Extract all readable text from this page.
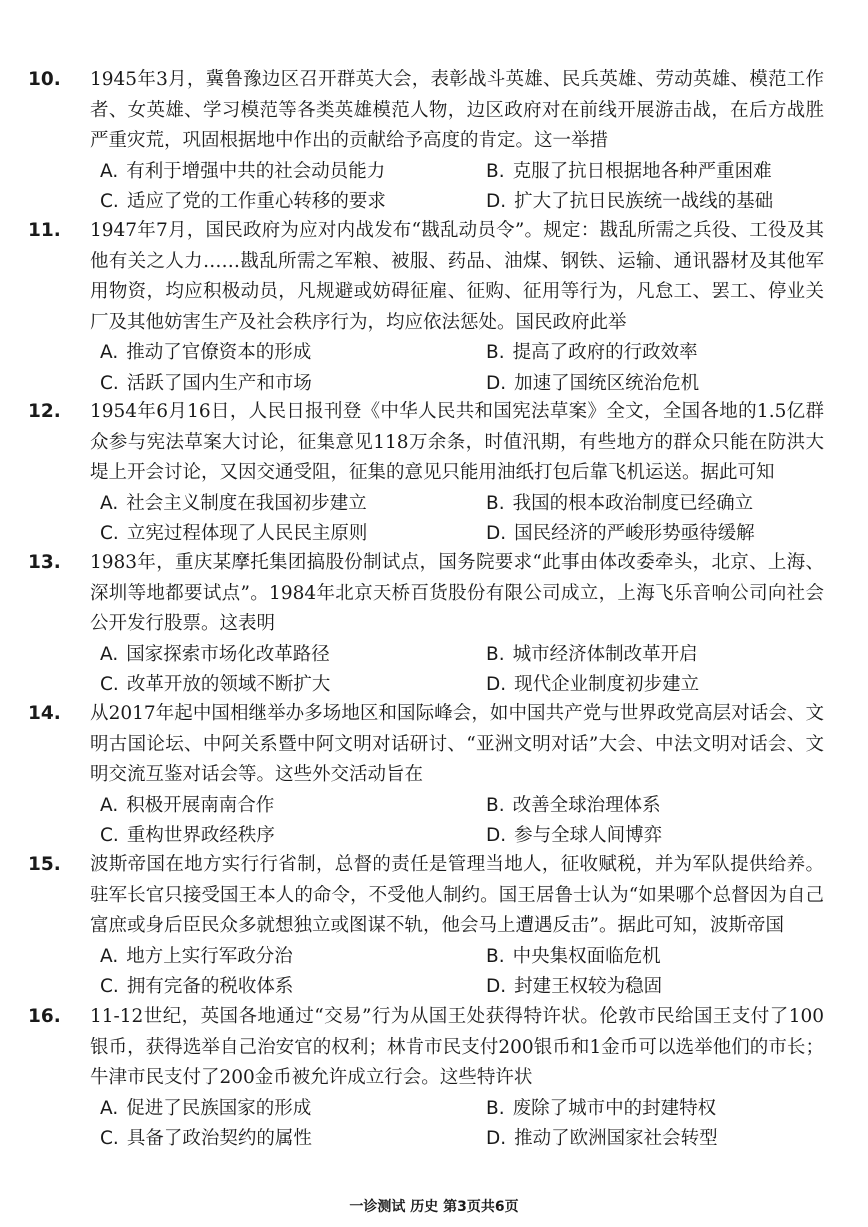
10. 1945年3月，冀鲁豫边区召开群英大会，表彰战斗英雄、民兵英雄、劳动英雄、模范工作者、女英雄、学习模范等各类英雄模范人物，边区政府对在前线开展游击战，在后方战胜严重灾荒，巩固根据地中作出的贡献给予高度的肯定。这一举措
A. 有利于增强中共的社会动员能力	B. 克服了抗日根据地各种严重困难
C. 适应了党的工作重心转移的要求	D. 扩大了抗日民族统一战线的基础
11. 1947年7月，国民政府为应对内战发布“戡乱动员令”。规定：戡乱所需之兵役、工役及其他有关之人力……戡乱所需之军粮、被服、药品、油煤、钢铁、运输、通讯器材及其他军用物资，均应积极动员，凡规避或妨碍征雇、征购、征用等行为，凡怠工、罢工、停业关厂及其他妨害生产及社会秩序行为，均应依法惩处。国民政府此举
A. 推动了官僚资本的形成	B. 提高了政府的行政效率
C. 活跃了国内生产和市场	D. 加速了国统区统治危机
12. 1954年6月16日，人民日报刊登《中华人民共和国宪法草案》全文，全国各地的1.5亿群众参与宪法草案大讨论，征集意见118万余条，时值汛期，有些地方的群众只能在防洪大堤上开会讨论，又因交通受阻，征集的意见只能用油纸打包后靠飞机运送。据此可知
A. 社会主义制度在我国初步建立	B. 我国的根本政治制度已经确立
C. 立宪过程体现了人民民主原则	D. 国民经济的严峻形势亟待缓解
13. 1983年，重庆某摩托集团搞股份制试点，国务院要求“此事由体改委牵头，北京、上海、深圳等地都要试点”。1984年北京天桥百货股份有限公司成立，上海飞乐音响公司向社会公开发行股票。这表明
A. 国家探索市场化改革路径	B. 城市经济体制改革开启
C. 改革开放的领域不断扩大	D. 现代企业制度初步建立
14. 从2017年起中国相继举办多场地区和国际峰会，如中国共产党与世界政党高层对话会、文明古国论坛、中阿关系暨中阿文明对话研讨、“亚洲文明对话”大会、中法文明对话会、文明交流互鉴对话会等。这些外交活动旨在
A. 积极开展南南合作	B. 改善全球治理体系
C. 重构世界政经秩序	D. 参与全球人间博弈
15. 波斯帝国在地方实行行省制，总督的责任是管理当地人，征收赋税，并为军队提供给养。驻军长官只接受国王本人的命令，不受他人制约。国王居鲁士认为“如果哪个总督因为自己富庶或身后臣民众多就想独立或图谋不轨，他会马上遭遇反击”。据此可知，波斯帝国
A. 地方上实行军政分治	B. 中央集权面临危机
C. 拥有完备的税收体系	D. 封建王权较为稳固
16. 11-12世纪，英国各地通过“交易”行为从国王处获得特许状。伦敦市民给国王支付了100银币，获得选举自己治安官的权利；林肯市民支付200银币和1金币可以选举他们的市长；牛津市民支付了200金币被允许成立行会。这些特许状
A. 促进了民族国家的形成	B. 废除了城市中的封建特权
C. 具备了政治契约的属性	D. 推动了欧洲国家社会转型
一诊测试 历史 第3页共6页
